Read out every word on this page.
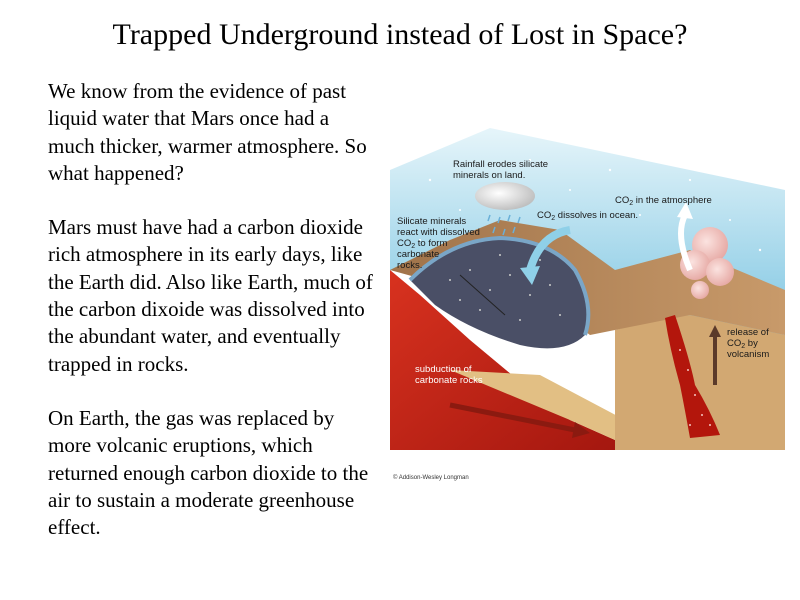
Trapped Underground instead of Lost in Space?

We know from the evidence of past liquid water that Mars once had a much thicker, warmer atmosphere. So what happened?

Mars must have had a carbon dioxide rich atmosphere in its early days, like the Earth did. Also like Earth, much of the carbon dixoide was dissolved into the abundant water, and eventually trapped in rocks.

On Earth, the gas was replaced by more volcanic eruptions, which returned enough carbon dioxide to the air to sustain a moderate greenhouse effect.

Rainfall erodes silicate
minerals on land.
$CO_2$ in the atmosphere
$CO_2$ dissolves in ocean.
Silicate minerals
react with dissolved
$CO_2$ to form
carbonate
rocks.
release of
$CO_2$ by
volcanism
subduction of
carbonate rocks
© Addison-Wesley Longman
